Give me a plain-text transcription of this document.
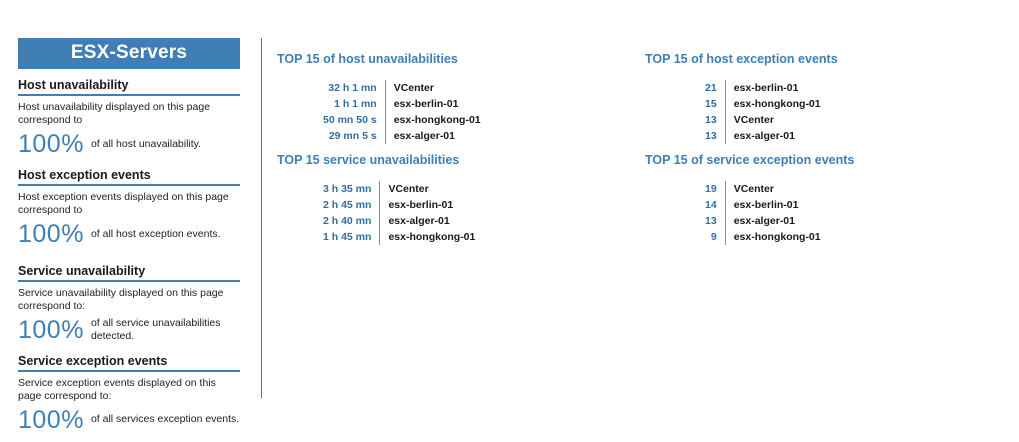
ESX-Servers
Host unavailability
Host unavailability displayed on this page correspond to
100% of all host unavailability.
Host exception events
Host exception events displayed on this page correspond to
100% of all host exception events.
Service unavailability
Service unavailability displayed on this page correspond to:
100% of all service unavailabilities detected.
Service exception events
Service exception events displayed on this page correspond to:
100% of all services exception events.
TOP 15 of host unavailabilities
32 h 1 mn	VCenter
1 h 1 mn	esx-berlin-01
50 mn 50 s	esx-hongkong-01
29 mn 5 s	esx-alger-01
TOP 15 of host exception events
21	esx-berlin-01
15	esx-hongkong-01
13	VCenter
13	esx-alger-01
TOP 15 service unavailabilities
3 h 35 mn	VCenter
2 h 45 mn	esx-berlin-01
2 h 40 mn	esx-alger-01
1 h 45 mn	esx-hongkong-01
TOP 15 of service exception events
19	VCenter
14	esx-berlin-01
13	esx-alger-01
9	esx-hongkong-01
